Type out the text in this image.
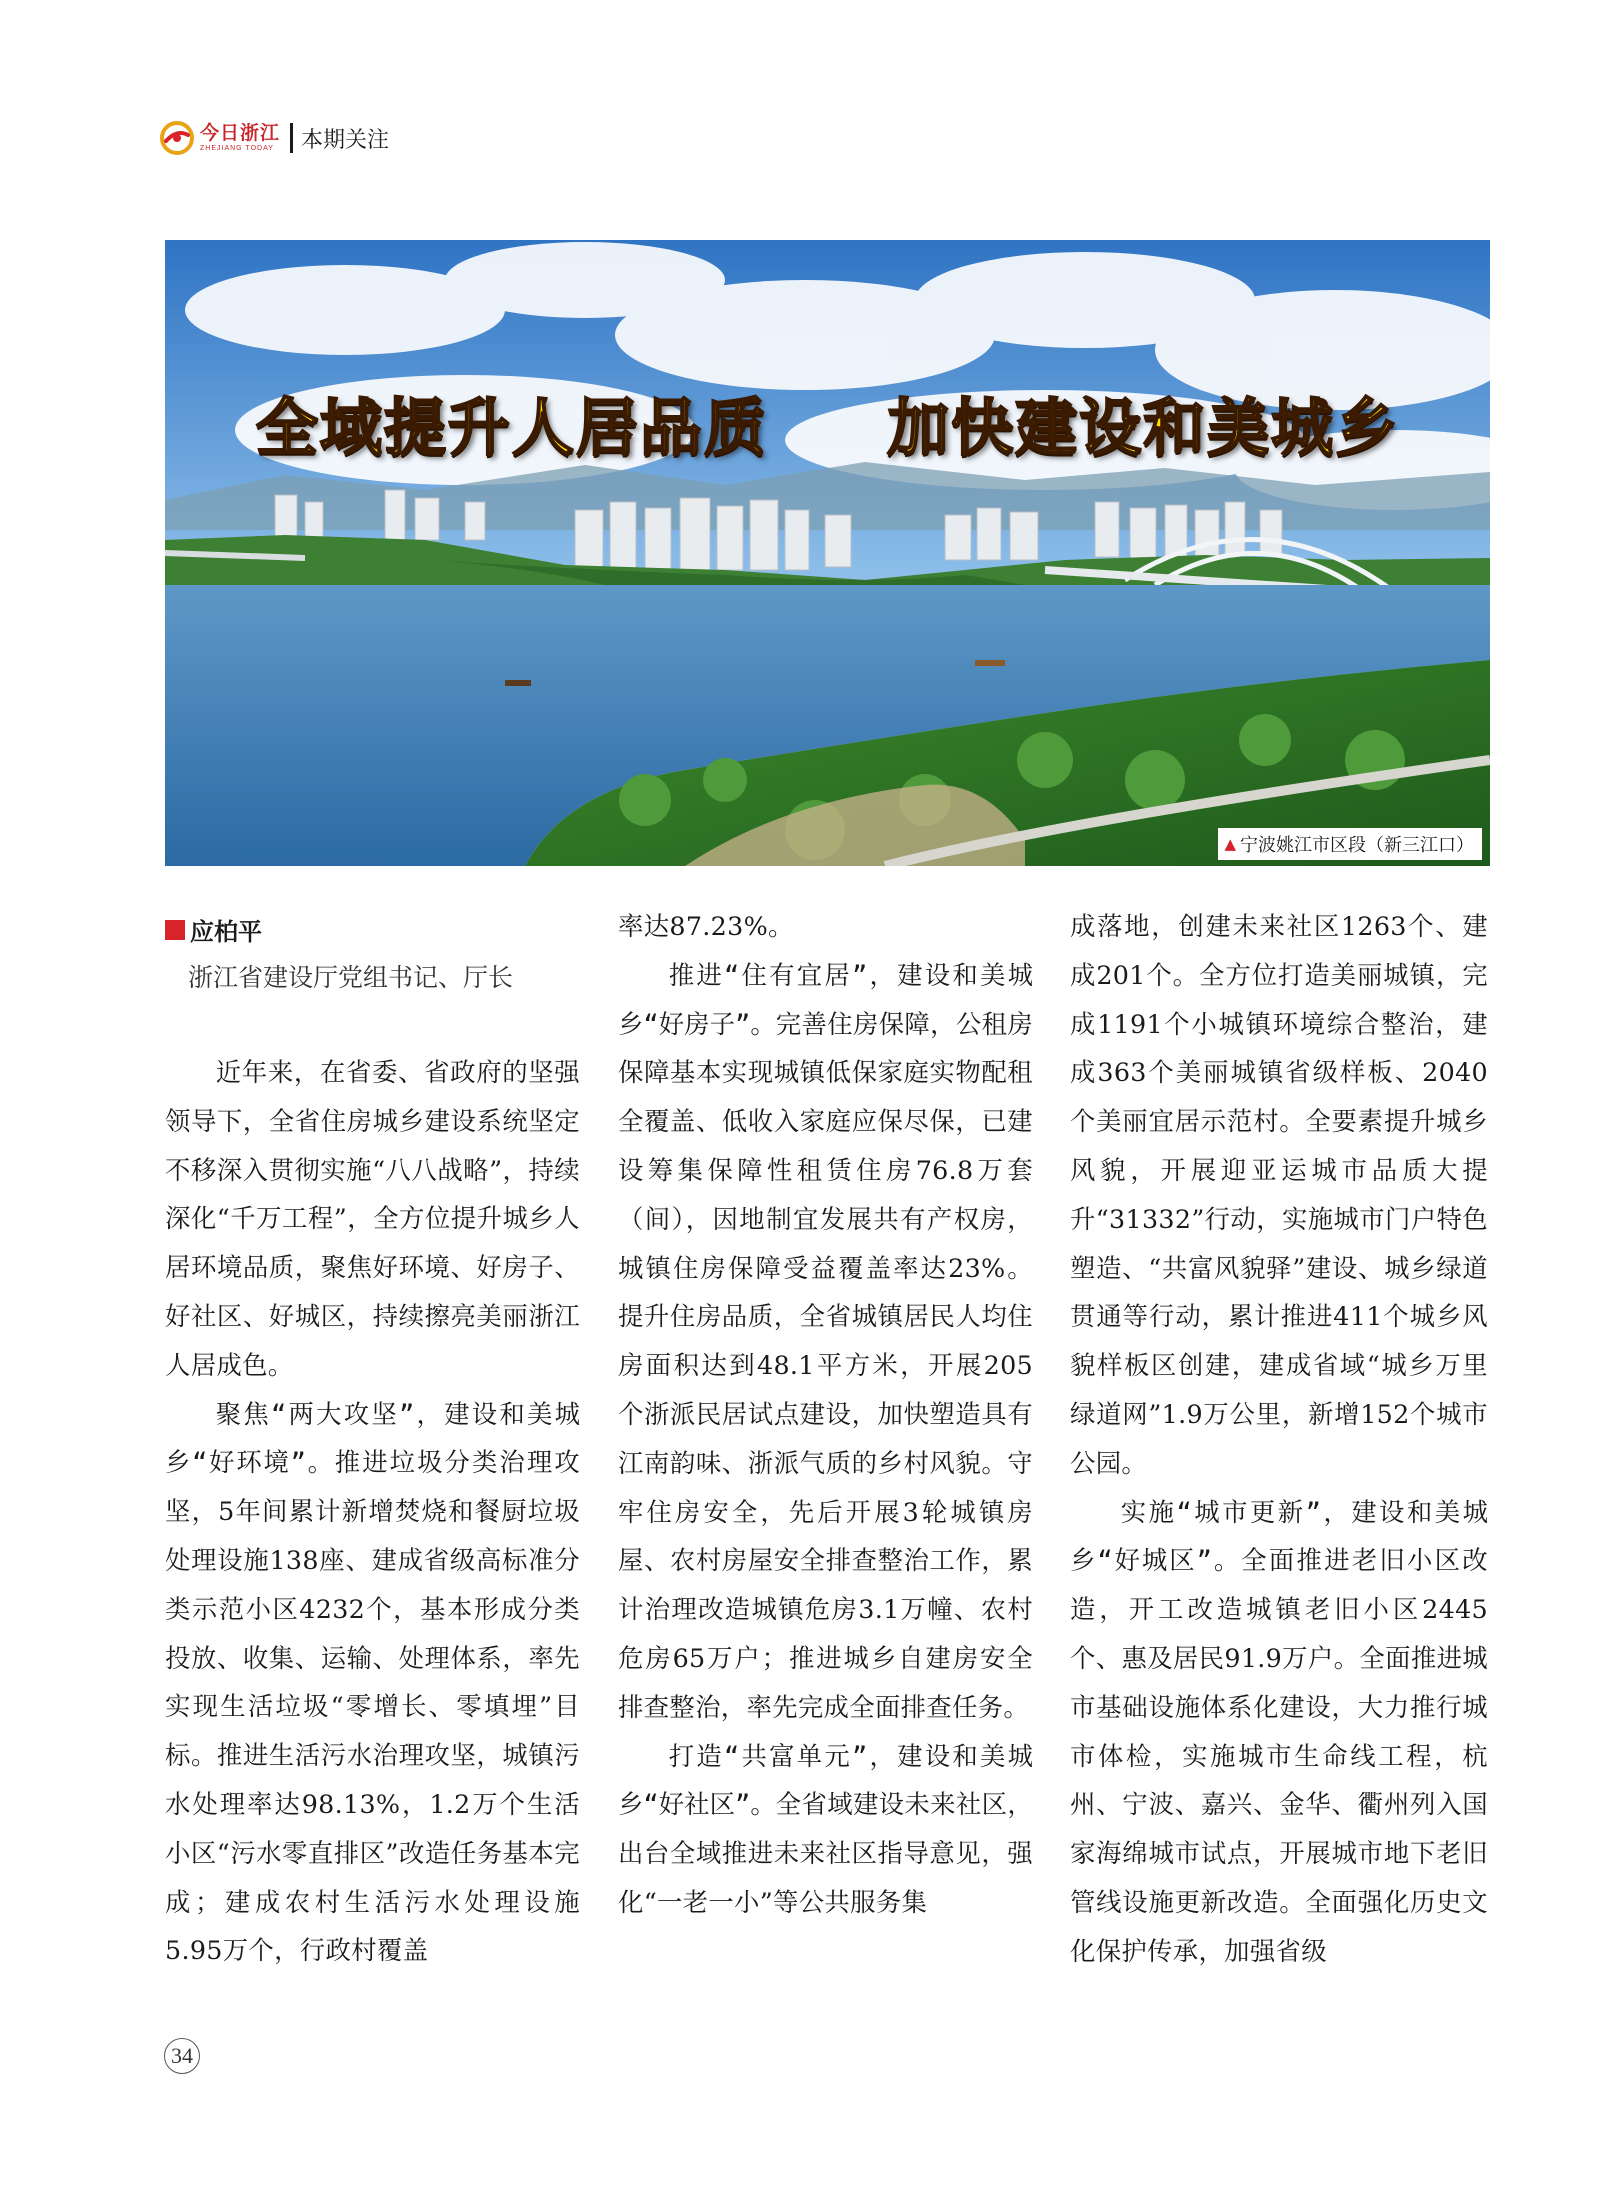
今日浙江
ZHEJIANG TODAY 本期关注
全域提升人居品质  加快建设和美城乡
▲ 宁波姚江市区段（新三江口）
应柏平
浙江省建设厅党组书记、厅长

近年来，在省委、省政府的坚强领导下，全省住房城乡建设系统坚定不移深入贯彻实施“八八战略”，持续深化“千万工程”，全方位提升城乡人居环境品质，聚焦好环境、好房子、好社区、好城区，持续擦亮美丽浙江人居成色。

聚焦“两大攻坚”，建设和美城乡“好环境”。推进垃圾分类治理攻坚，5年间累计新增焚烧和餐厨垃圾处理设施138座、建成省级高标准分类示范小区4232个，基本形成分类投放、收集、运输、处理体系，率先实现生活垃圾“零增长、零填埋”目标。推进生活污水治理攻坚，城镇污水处理率达98.13%，1.2万个生活小区“污水零直排区”改造任务基本完成；建成农村生活污水处理设施5.95万个，行政村覆盖

率达87.23%。

推进“住有宜居”，建设和美城乡“好房子”。完善住房保障，公租房保障基本实现城镇低保家庭实物配租全覆盖、低收入家庭应保尽保，已建设筹集保障性租赁住房76.8万套（间），因地制宜发展共有产权房，城镇住房保障受益覆盖率达23%。提升住房品质，全省城镇居民人均住房面积达到48.1平方米，开展205个浙派民居试点建设，加快塑造具有江南韵味、浙派气质的乡村风貌。守牢住房安全，先后开展3轮城镇房屋、农村房屋安全排查整治工作，累计治理改造城镇危房3.1万幢、农村危房65万户；推进城乡自建房安全排查整治，率先完成全面排查任务。

打造“共富单元”，建设和美城乡“好社区”。全省域建设未来社区，出台全域推进未来社区指导意见，强化“一老一小”等公共服务集

成落地，创建未来社区1263个、建成201个。全方位打造美丽城镇，完成1191个小城镇环境综合整治，建成363个美丽城镇省级样板、2040个美丽宜居示范村。全要素提升城乡风貌，开展迎亚运城市品质大提升“31332”行动，实施城市门户特色塑造、“共富风貌驿”建设、城乡绿道贯通等行动，累计推进411个城乡风貌样板区创建，建成省域“城乡万里绿道网”1.9万公里，新增152个城市公园。

实施“城市更新”，建设和美城乡“好城区”。全面推进老旧小区改造，开工改造城镇老旧小区2445个、惠及居民91.9万户。全面推进城市基础设施体系化建设，大力推行城市体检，实施城市生命线工程，杭州、宁波、嘉兴、金华、衢州列入国家海绵城市试点，开展城市地下老旧管线设施更新改造。全面强化历史文化保护传承，加强省级

34
